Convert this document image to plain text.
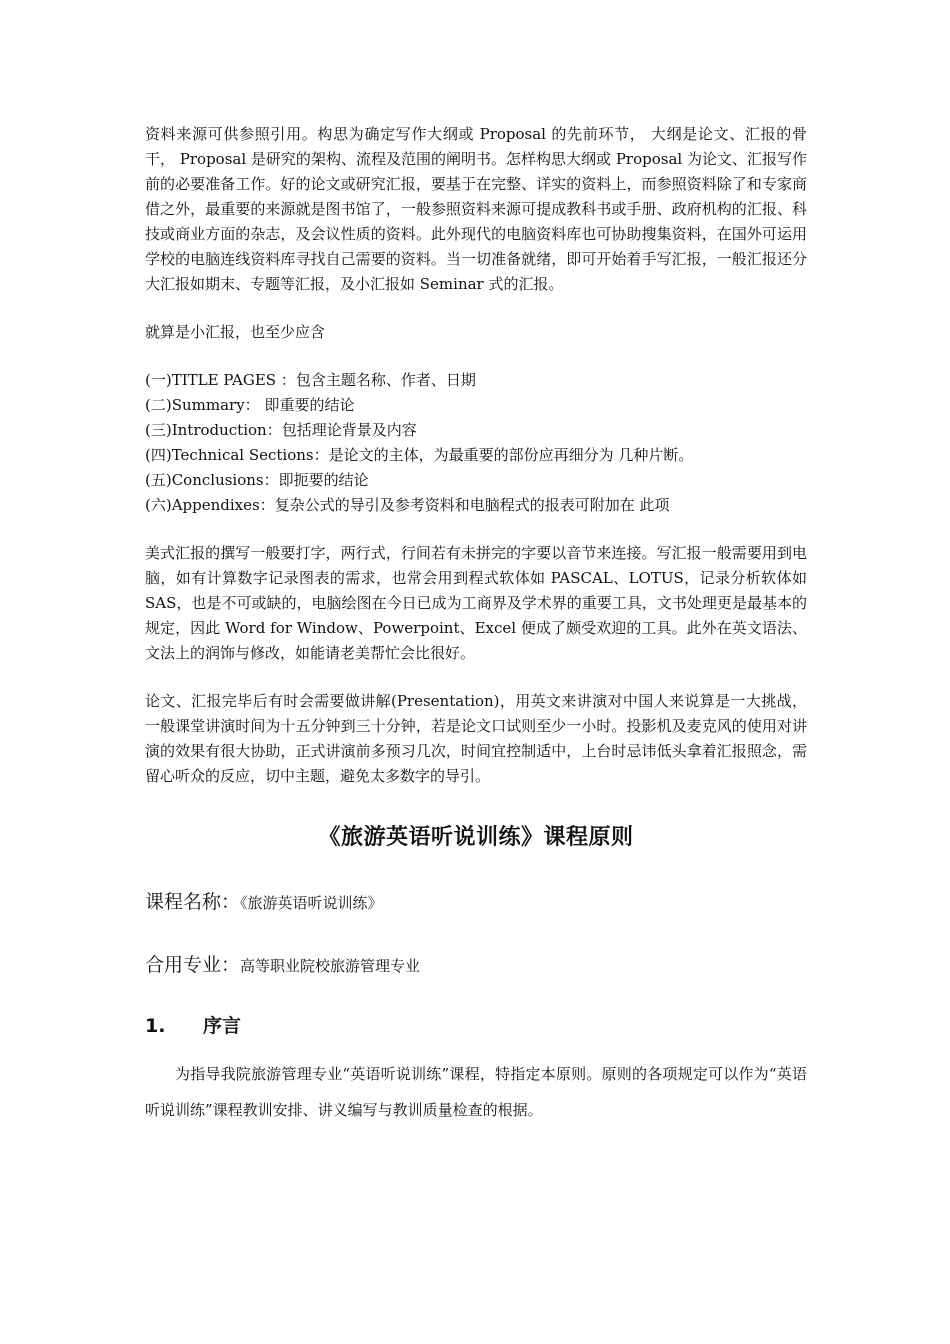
资料来源可供参照引用。构思为确定写作大纲或 Proposal 的先前环节， 大纲是论文、汇报的骨干， Proposal 是研究的架构、流程及范围的阐明书。怎样构思大纲或 Proposal 为论文、汇报写作前的必要准备工作。好的论文或研究汇报，要基于在完整、详实的资料上，而参照资料除了和专家商借之外，最重要的来源就是图书馆了，一般参照资料来源可提成教科书或手册、政府机构的汇报、科技或商业方面的杂志，及会议性质的资料。此外现代的电脑资料库也可协助搜集资料，在国外可运用学校的电脑连线资料库寻找自己需要的资料。当一切准备就绪，即可开始着手写汇报，一般汇报还分大汇报如期末、专题等汇报，及小汇报如 Seminar 式的汇报。

就算是小汇报，也至少应含

(一)TITLE PAGES ：包含主题名称、作者、日期

(二)Summary： 即重要的结论

(三)Introduction：包括理论背景及内容

(四)Technical Sections：是论文的主体，为最重要的部份应再细分为 几种片断。

(五)Conclusions：即扼要的结论

(六)Appendixes：复杂公式的导引及参考资料和电脑程式的报表可附加在 此项

美式汇报的撰写一般要打字，两行式，行间若有未拼完的字要以音节来连接。写汇报一般需要用到电脑，如有计算数字记录图表的需求，也常会用到程式软体如 PASCAL、LOTUS，记录分析软体如 SAS，也是不可或缺的，电脑绘图在今日已成为工商界及学术界的重要工具，文书处理更是最基本的规定，因此 Word for Window、Powerpoint、Excel 便成了颇受欢迎的工具。此外在英文语法、文法上的润饰与修改，如能请老美帮忙会比很好。

论文、汇报完毕后有时会需要做讲解(Presentation)，用英文来讲演对中国人来说算是一大挑战，一般课堂讲演时间为十五分钟到三十分钟，若是论文口试则至少一小时。投影机及麦克风的使用对讲演的效果有很大协助，正式讲演前多预习几次，时间宜控制适中，上台时忌讳低头拿着汇报照念，需留心听众的反应，切中主题，避免太多数字的导引。

《旅游英语听说训练》课程原则

课程名称：《旅游英语听说训练》

合用专业：高等职业院校旅游管理专业

1. 序言

为指导我院旅游管理专业“英语听说训练”课程，特指定本原则。原则的各项规定可以作为“英语听说训练”课程教训安排、讲义编写与教训质量检查的根据。
